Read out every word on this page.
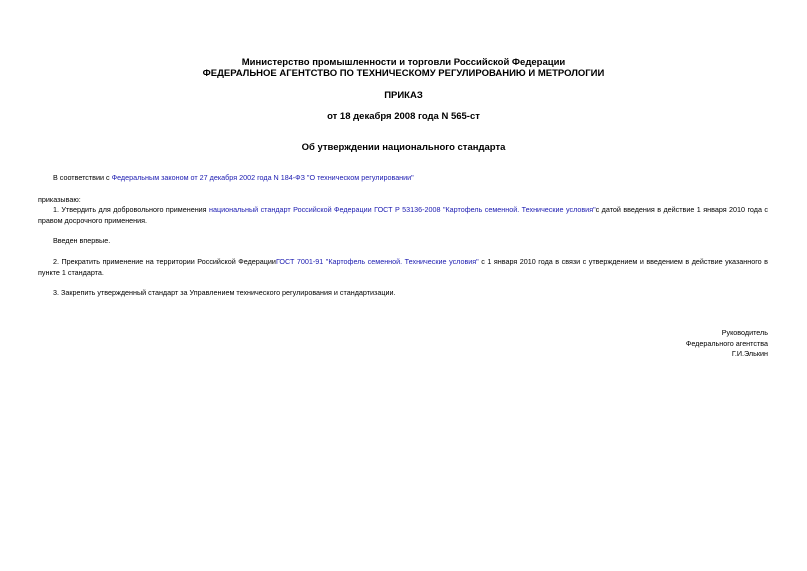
Министерство промышленности и торговли Российской Федерации
ФЕДЕРАЛЬНОЕ АГЕНТСТВО ПО ТЕХНИЧЕСКОМУ РЕГУЛИРОВАНИЮ И МЕТРОЛОГИИ
ПРИКАЗ
от 18 декабря 2008 года N 565-ст
Об утверждении национального стандарта
В соответствии с Федеральным законом от 27 декабря 2002 года N 184-ФЗ "О техническом регулировании"
приказываю:
1. Утвердить для добровольного применения национальный стандарт Российской Федерации ГОСТ Р 53136-2008 "Картофель семенной. Технические условия"с датой введения в действие 1 января 2010 года с правом досрочного применения.
Введен впервые.
2. Прекратить применение на территории Российской ФедерацииГОСТ 7001-91 "Картофель семенной. Технические условия" с 1 января 2010 года в связи с утверждением и введением в действие указанного в пункте 1 стандарта.
3. Закрепить утвержденный стандарт за Управлением технического регулирования и стандартизации.
Руководитель
Федерального агентства
Г.И.Элькин
